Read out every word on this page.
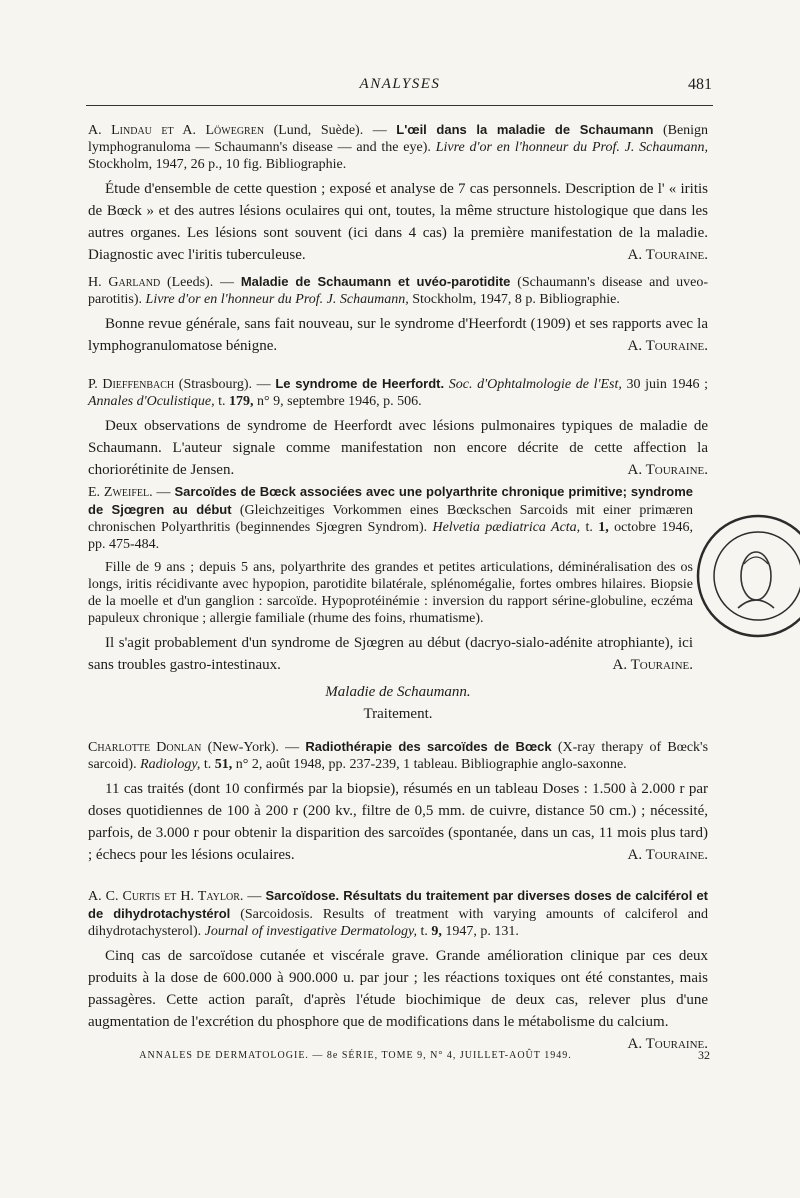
ANALYSES	481

A. Lindau et A. Löwegren (Lund, Suède). — L'œil dans la maladie de Schaumann (Benign lymphogranuloma — Schaumann's disease — and the eye). Livre d'or en l'honneur du Prof. J. Schaumann, Stockholm, 1947, 26 p., 10 fig. Bibliographie.

Étude d'ensemble de cette question ; exposé et analyse de 7 cas personnels. Description de l' « iritis de Bœck » et des autres lésions oculaires qui ont, toutes, la même structure histologique que dans les autres organes. Les lésions sont souvent (ici dans 4 cas) la première manifestation de la maladie. Diagnostic avec l'iritis tuberculeuse.	A. Touraine.

H. Garland (Leeds). — Maladie de Schaumann et uvéo-parotidite (Schaumann's disease and uveo-parotitis). Livre d'or en l'honneur du Prof. J. Schaumann, Stockholm, 1947, 8 p. Bibliographie.

Bonne revue générale, sans fait nouveau, sur le syndrome d'Heerfordt (1909) et ses rapports avec la lymphogranulomatose bénigne.	A. Touraine.

P. Dieffenbach (Strasbourg). — Le syndrome de Heerfordt. Soc. d'Ophtalmologie de l'Est, 30 juin 1946 ; Annales d'Oculistique, t. 179, n° 9, septembre 1946, p. 506.

Deux observations de syndrome de Heerfordt avec lésions pulmonaires typiques de maladie de Schaumann. L'auteur signale comme manifestation non encore décrite de cette affection la choriorétinite de Jensen.	A. Touraine.

E. Zweifel. — Sarcoïdes de Bœck associées avec une polyarthrite chronique primitive; syndrome de Sjœgren au début (Gleichzeitiges Vorkommen eines Bœckschen Sarcoids mit einer primæren chronischen Polyarthritis (beginnendes Sjœgren Syndrom). Helvetia pædiatrica Acta, t. 1, octobre 1946, pp. 475-484.

Fille de 9 ans ; depuis 5 ans, polyarthrite des grandes et petites articulations, déminéralisation des os longs, iritis récidivante avec hypopion, parotidite bilatérale, splénomégalie, fortes ombres hilaires. Biopsie de la moelle et d'un ganglion : sarcoïde. Hypoprotéinémie : inversion du rapport sérine-globuline, eczéma papuleux chronique ; allergie familiale (rhume des foins, rhumatisme).

Il s'agit probablement d'un syndrome de Sjœgren au début (dacryo-sialo-adénite atrophiante), ici sans troubles gastro-intestinaux.	A. Touraine.

Maladie de Schaumann.
Traitement.

Charlotte Donlan (New-York). — Radiothérapie des sarcoïdes de Bœck (X-ray therapy of Bœck's sarcoid). Radiology, t. 51, n° 2, août 1948, pp. 237-239, 1 tableau. Bibliographie anglo-saxonne.

11 cas traités (dont 10 confirmés par la biopsie), résumés en un tableau Doses : 1.500 à 2.000 r par doses quotidiennes de 100 à 200 r (200 kv., filtre de 0,5 mm. de cuivre, distance 50 cm.) ; nécessité, parfois, de 3.000 r pour obtenir la disparition des sarcoïdes (spontanée, dans un cas, 11 mois plus tard) ; échecs pour les lésions oculaires.	A. Touraine.

A. C. Curtis et H. Taylor. — Sarcoïdose. Résultats du traitement par diverses doses de calciférol et de dihydrotachystérol (Sarcoidosis. Results of treatment with varying amounts of calciferol and dihydrotachysterol). Journal of investigative Dermatology, t. 9, 1947, p. 131.

Cinq cas de sarcoïdose cutanée et viscérale grave. Grande amélioration clinique par ces deux produits à la dose de 600.000 à 900.000 u. par jour ; les réactions toxiques ont été constantes, mais passagères. Cette action paraît, d'après l'étude biochimique de deux cas, relever plus d'une augmentation de l'excrétion du phosphore que de modifications dans le métabolisme du calcium.
A. Touraine.

ANNALES DE DERMATOLOGIE. — 8e SÉRIE, TOME 9, N° 4, JUILLET-AOÛT 1949.	32
